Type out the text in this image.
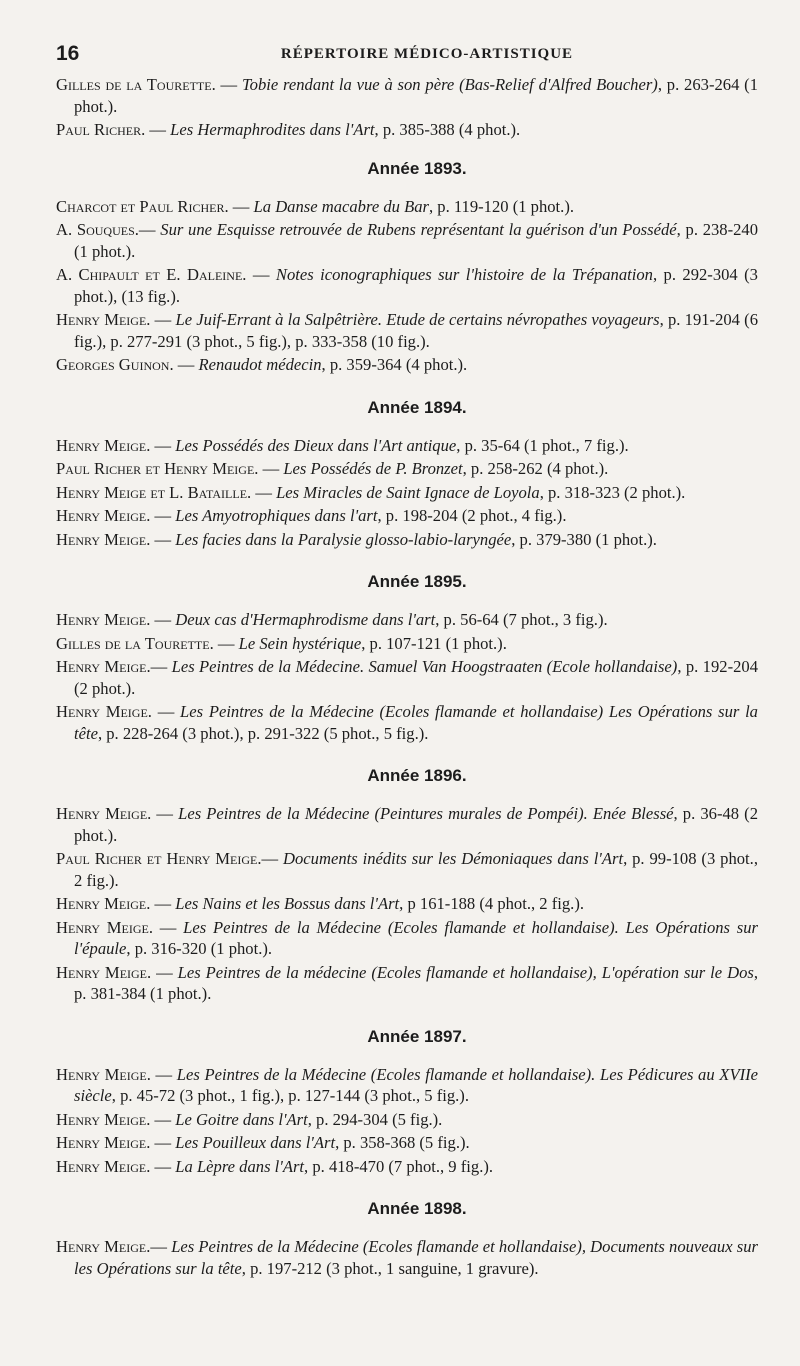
16	RÉPERTOIRE MÉDICO-ARTISTIQUE

Gilles de la Tourette. — Tobie rendant la vue à son père (Bas-Relief d'Alfred Boucher), p. 263-264 (1 phot.).

Paul Richer. — Les Hermaphrodites dans l'Art, p. 385-388 (4 phot.).

Année 1893.

Charcot et Paul Richer. — La Danse macabre du Bar, p. 119-120 (1 phot.).

A. Souques.— Sur une Esquisse retrouvée de Rubens représentant la guérison d'un Possédé, p. 238-240 (1 phot.).

A. Chipault et E. Daleine. — Notes iconographiques sur l'histoire de la Trépanation, p. 292-304 (3 phot.), (13 fig.).

Henry Meige. — Le Juif-Errant à la Salpêtrière. Etude de certains névropathes voyageurs, p. 191-204 (6 fig.), p. 277-291 (3 phot., 5 fig.), p. 333-358 (10 fig.).

Georges Guinon. — Renaudot médecin, p. 359-364 (4 phot.).

Année 1894.

Henry Meige. — Les Possédés des Dieux dans l'Art antique, p. 35-64 (1 phot., 7 fig.).

Paul Richer et Henry Meige. — Les Possédés de P. Bronzet, p. 258-262 (4 phot.).

Henry Meige et L. Bataille. — Les Miracles de Saint Ignace de Loyola, p. 318-323 (2 phot.).

Henry Meige. — Les Amyotrophiques dans l'art, p. 198-204 (2 phot., 4 fig.).

Henry Meige. — Les facies dans la Paralysie glosso-labio-laryngée, p. 379-380 (1 phot.).

Année 1895.

Henry Meige. — Deux cas d'Hermaphrodisme dans l'art, p. 56-64 (7 phot., 3 fig.).

Gilles de la Tourette. — Le Sein hystérique, p. 107-121 (1 phot.).

Henry Meige.— Les Peintres de la Médecine. Samuel Van Hoogstraaten (Ecole hollandaise), p. 192-204 (2 phot.).

Henry Meige. — Les Peintres de la Médecine (Ecoles flamande et hollandaise) Les Opérations sur la tête, p. 228-264 (3 phot.), p. 291-322 (5 phot., 5 fig.).

Année 1896.

Henry Meige. — Les Peintres de la Médecine (Peintures murales de Pompéi). Enée Blessé, p. 36-48 (2 phot.).

Paul Richer et Henry Meige.— Documents inédits sur les Démoniaques dans l'Art, p. 99-108 (3 phot., 2 fig.).

Henry Meige. — Les Nains et les Bossus dans l'Art, p 161-188 (4 phot., 2 fig.).

Henry Meige. — Les Peintres de la Médecine (Ecoles flamande et hollandaise). Les Opérations sur l'épaule, p. 316-320 (1 phot.).

Henry Meige. — Les Peintres de la médecine (Ecoles flamande et hollandaise), L'opération sur le Dos, p. 381-384 (1 phot.).

Année 1897.

Henry Meige. — Les Peintres de la Médecine (Ecoles flamande et hollandaise). Les Pédicures au XVIIe siècle, p. 45-72 (3 phot., 1 fig.), p. 127-144 (3 phot., 5 fig.).

Henry Meige. — Le Goitre dans l'Art, p. 294-304 (5 fig.).

Henry Meige. — Les Pouilleux dans l'Art, p. 358-368 (5 fig.).

Henry Meige. — La Lèpre dans l'Art, p. 418-470 (7 phot., 9 fig.).

Année 1898.

Henry Meige.— Les Peintres de la Médecine (Ecoles flamande et hollandaise), Documents nouveaux sur les Opérations sur la tête, p. 197-212 (3 phot., 1 sanguine, 1 gravure).
